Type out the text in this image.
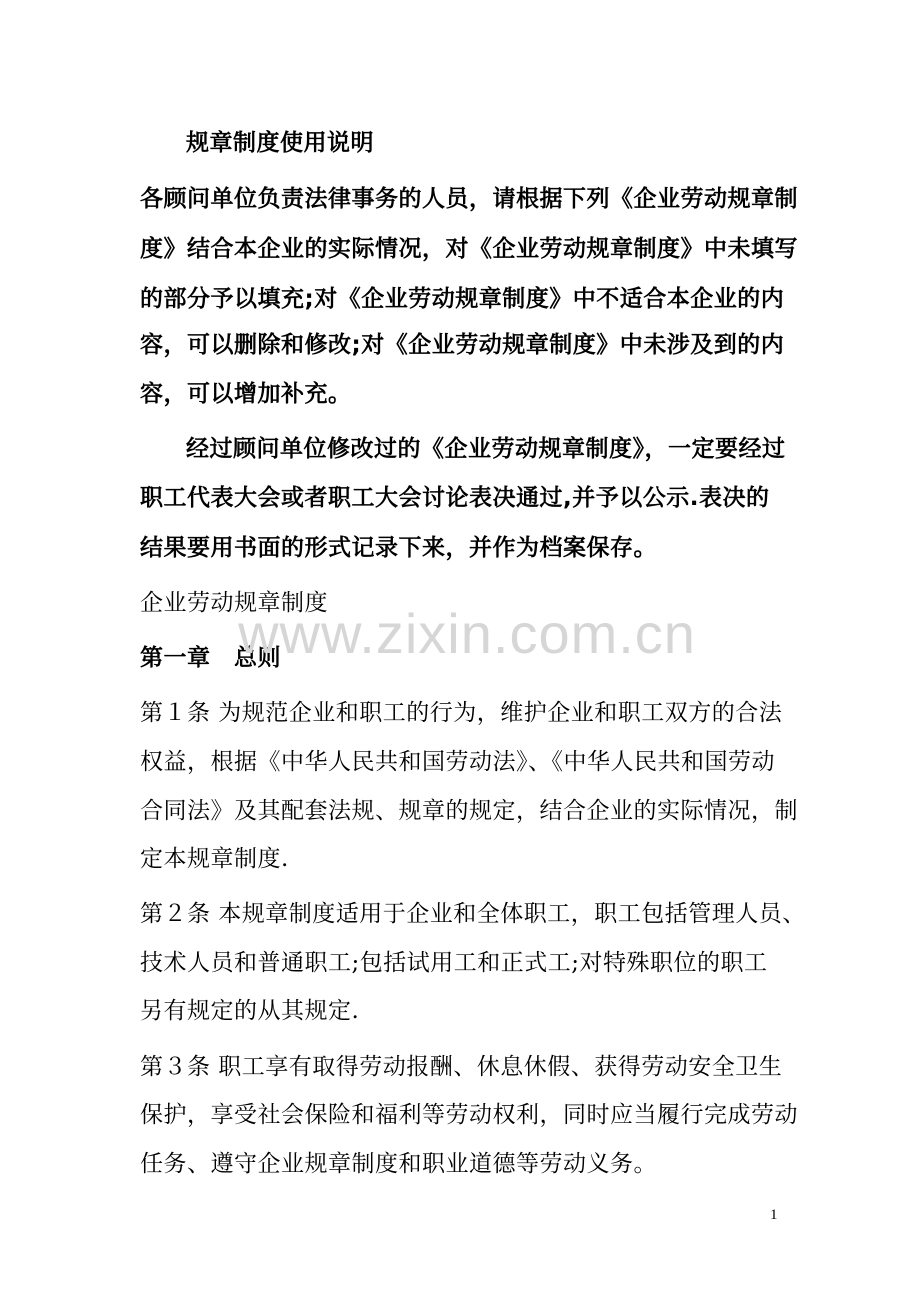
规章制度使用说明
各顾问单位负责法律事务的人员，请根据下列《企业劳动规章制
度》结合本企业的实际情况，对《企业劳动规章制度》中未填写
的部分予以填充;对《企业劳动规章制度》中不适合本企业的内
容，可以删除和修改;对《企业劳动规章制度》中未涉及到的内
容，可以增加补充。
经过顾问单位修改过的《企业劳动规章制度》，一定要经过
职工代表大会或者职工大会讨论表决通过,并予以公示.表决的
结果要用书面的形式记录下来，并作为档案保存。
企业劳动规章制度
第一章　总则
第１条 为规范企业和职工的行为，维护企业和职工双方的合法
权益，根据《中华人民共和国劳动法》、《中华人民共和国劳动
合同法》及其配套法规、规章的规定，结合企业的实际情况，制
定本规章制度.
第２条 本规章制度适用于企业和全体职工，职工包括管理人员、
技术人员和普通职工;包括试用工和正式工;对特殊职位的职工
另有规定的从其规定.
第３条 职工享有取得劳动报酬、休息休假、获得劳动安全卫生
保护，享受社会保险和福利等劳动权利，同时应当履行完成劳动
任务、遵守企业规章制度和职业道德等劳动义务。
www.zixin.com.cn
1
